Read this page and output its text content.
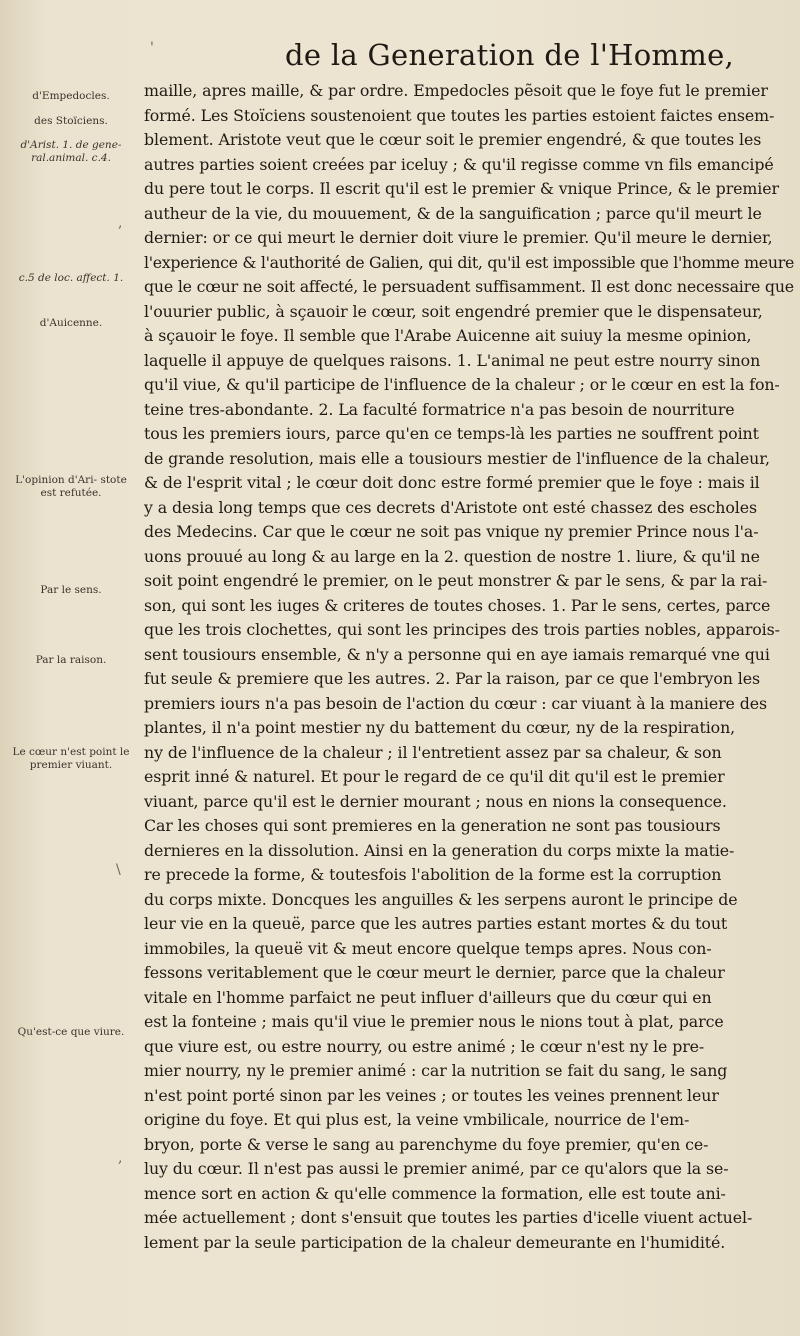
de la Generation de l'Homme,
'
,
\
,
d'Empedocles.
des Stoïciens.
d'Arist. 1. de gene- ral.animal. c.4.
c.5 de loc. affect. 1.
d'Auicenne.
L'opinion d'Ari- stote est refutée.
Par le sens.
Par la raison.
Le cœur n'est point le premier viuant.
Qu'est-ce que viure.
maille, apres maille, & par ordre. Empedocles pẽsoit que le foye fut le premier
formé. Les Stoïciens soustenoient que toutes les parties estoient faictes ensem-
blement. Aristote veut que le cœur soit le premier engendré, & que toutes les
autres parties soient creées par iceluy ; & qu'il regisse comme vn fils emancipé
du pere tout le corps. Il escrit qu'il est le premier & vnique Prince, & le premier
autheur de la vie, du mouuement, & de la sanguification ; parce qu'il meurt le
dernier: or ce qui meurt le dernier doit viure le premier. Qu'il meure le dernier,
l'experience & l'authorité de Galien, qui dit, qu'il est impossible que l'homme meure
que le cœur ne soit affecté, le persuadent suffisamment. Il est donc necessaire que
l'ouurier public, à sçauoir le cœur, soit engendré premier que le dispensateur,
à sçauoir le foye. Il semble que l'Arabe Auicenne ait suiuy la mesme opinion,
laquelle il appuye de quelques raisons. 1. L'animal ne peut estre nourry sinon
qu'il viue, & qu'il participe de l'influence de la chaleur ; or le cœur en est la fon-
teine tres-abondante. 2. La faculté formatrice n'a pas besoin de nourriture
tous les premiers iours, parce qu'en ce temps-là les parties ne souffrent point
de grande resolution, mais elle a tousiours mestier de l'influence de la chaleur,
& de l'esprit vital ; le cœur doit donc estre formé premier que le foye : mais il
y a desia long temps que ces decrets d'Aristote ont esté chassez des escholes
des Medecins. Car que le cœur ne soit pas vnique ny premier Prince nous l'a-
uons prouué au long & au large en la 2. question de nostre 1. liure, & qu'il ne
soit point engendré le premier, on le peut monstrer & par le sens, & par la rai-
son, qui sont les iuges & criteres de toutes choses. 1. Par le sens, certes, parce
que les trois clochettes, qui sont les principes des trois parties nobles, apparois-
sent tousiours ensemble, & n'y a personne qui en aye iamais remarqué vne qui
fut seule & premiere que les autres. 2. Par la raison, par ce que l'embryon les
premiers iours n'a pas besoin de l'action du cœur : car viuant à la maniere des
plantes, il n'a point mestier ny du battement du cœur, ny de la respiration,
ny de l'influence de la chaleur ; il l'entretient assez par sa chaleur, & son
esprit inné & naturel. Et pour le regard de ce qu'il dit qu'il est le premier
viuant, parce qu'il est le dernier mourant ; nous en nions la consequence.
Car les choses qui sont premieres en la generation ne sont pas tousiours
dernieres en la dissolution. Ainsi en la generation du corps mixte la matie-
re precede la forme, & toutesfois l'abolition de la forme est la corruption
du corps mixte. Doncques les anguilles & les serpens auront le principe de
leur vie en la queuë, parce que les autres parties estant mortes & du tout
immobiles, la queuë vit & meut encore quelque temps apres. Nous con-
fessons veritablement que le cœur meurt le dernier, parce que la chaleur
vitale en l'homme parfaict ne peut influer d'ailleurs que du cœur qui en
est la fonteine ; mais qu'il viue le premier nous le nions tout à plat, parce
que viure est, ou estre nourry, ou estre animé ; le cœur n'est ny le pre-
mier nourry, ny le premier animé : car la nutrition se fait du sang, le sang
n'est point porté sinon par les veines ; or toutes les veines prennent leur
origine du foye. Et qui plus est, la veine vmbilicale, nourrice de l'em-
bryon, porte & verse le sang au parenchyme du foye premier, qu'en ce-
luy du cœur. Il n'est pas aussi le premier animé, par ce qu'alors que la se-
mence sort en action & qu'elle commence la formation, elle est toute ani-
mée actuellement ; dont s'ensuit que toutes les parties d'icelle viuent actuel-
lement par la seule participation de la chaleur demeurante en l'humidité.
